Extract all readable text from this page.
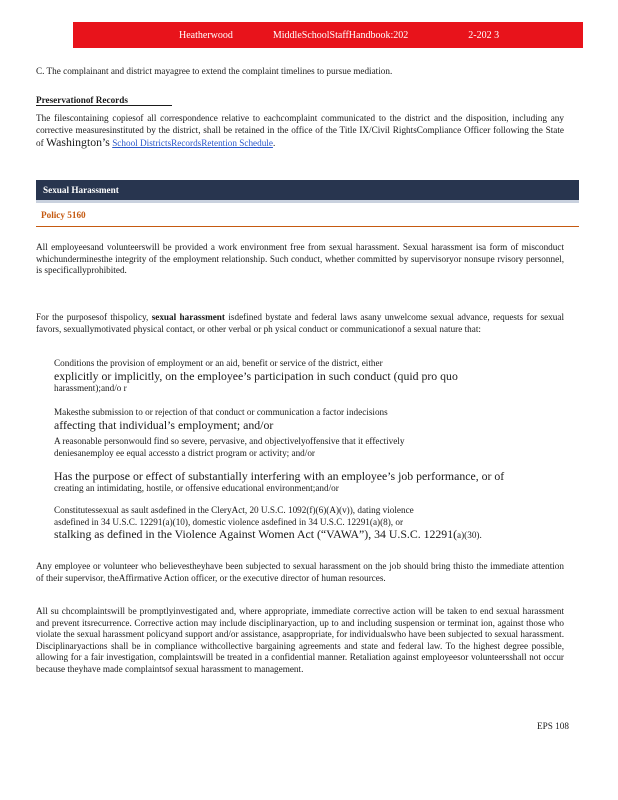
Heatherwood	MiddleSchoolStaffHandbook:202	2-202 3

C. The complainant and district mayagree to extend the complaint timelines to pursue mediation.

Preservationof Records

The filescontaining copiesof all correspondence relative to eachcomplaint communicated to the district and the disposition, including any corrective measuresinstituted by the district, shall be retained in the office of the Title IX/Civil RightsCompliance Officer following the State of Washington’s School DistrictsRecordsRetention Schedule.

Sexual Harassment
Policy 5160

All employeesand volunteerswill be provided a work environment free from sexual harassment. Sexual harassment isa form of misconduct whichunderminesthe integrity of the employment relationship. Such conduct, whether committed by supervisoryor nonsupe rvisory personnel, is specificallyprohibited.

For the purposesof thispolicy, sexual harassment isdefined bystate and federal laws asany unwelcome sexual advance, requests for sexual favors, sexuallymotivated physical contact, or other verbal or ph ysical conduct or communicationof a sexual nature that:

Conditions the provision of employment or an aid, benefit or service of the district, either
explicitly or implicitly, on the employee’s participation in such conduct (quid pro quo
harassment);and/o r
Makesthe submission to or rejection of that conduct or communication a factor indecisions
affecting that individual’s employment; and/or
A reasonable personwould find so severe, pervasive, and objectivelyoffensive that it effectively
deniesanemploy ee equal accessto a district program or activity; and/or
Has the purpose or effect of substantially interfering with an employee’s job performance, or of
creating an intimidating, hostile, or offensive educational environment;and/or
Constitutessexual as sault asdefined in the CleryAct, 20 U.S.C. 1092(f)(6)(A)(v)), dating violence
asdefined in 34 U.S.C. 12291(a)(10), domestic violence asdefined in 34 U.S.C. 12291(a)(8), or
stalking as defined in the Violence Against Women Act (“VAWA”), 34 U.S.C. 12291(a)(30).

Any employee or volunteer who believestheyhave been subjected to sexual harassment on the job should bring thisto the immediate attention of their supervisor, theAffirmative Action officer, or the executive director of human resources.

All su chcomplaintswill be promptlyinvestigated and, where appropriate, immediate corrective action will be taken to end sexual harassment and prevent itsrecurrence. Corrective action may include disciplinaryaction, up to and including suspension or terminat ion, against those who violate the sexual harassment policyand support and/or assistance, asappropriate, for individualswho have been subjected to sexual harassment. Disciplinaryactions shall be in compliance withcollective bargaining agreements and state and federal law. To the highest degree possible, allowing for a fair investigation, complaintswill be treated in a confidential manner. Retaliation against employeesor volunteersshall not occur because theyhave made complaintsof sexual harassment to management.

EPS 108
